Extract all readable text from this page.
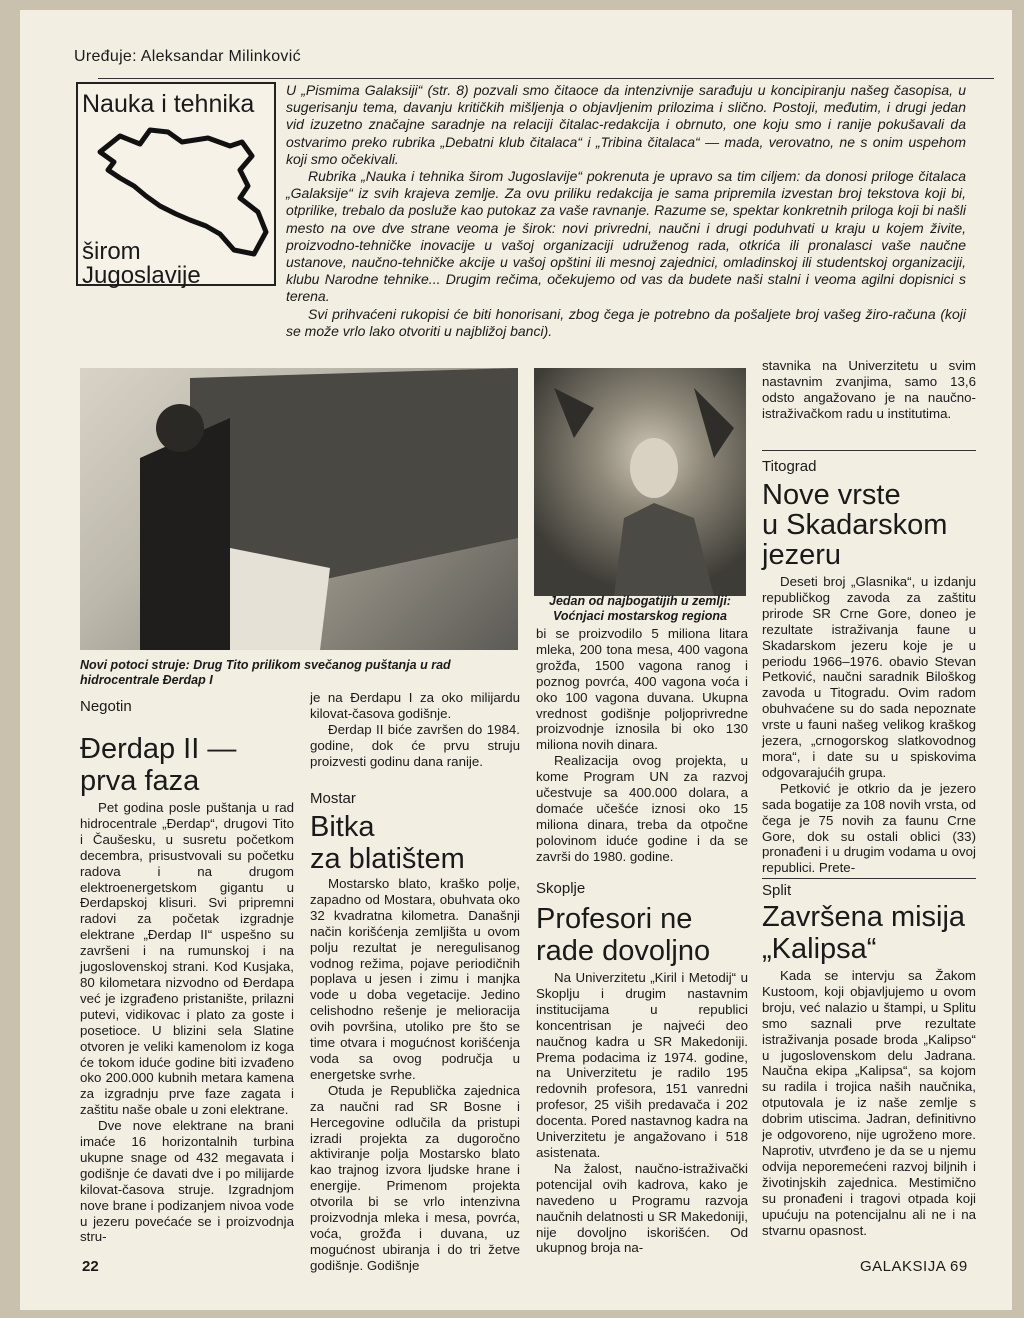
Uređuje: Aleksandar Milinković
Nauka i tehnika
širom
Jugoslavije

U „Pismima Galaksiji“ (str. 8) pozvali smo čitaoce da intenzivnije sarađuju u koncipiranju našeg časopisa, u sugerisanju tema, davanju kritičkih mišljenja o objavljenim prilozima i slično. Postoji, međutim, i drugi jedan vid izuzetno značajne saradnje na relaciji čitalac-redakcija i obrnuto, one koju smo i ranije pokušavali da ostvarimo preko rubrika „Debatni klub čitalaca“ i „Tribina čitalaca“ — mada, verovatno, ne s onim uspehom koji smo očekivali.

Rubrika „Nauka i tehnika širom Jugoslavije“ pokrenuta je upravo sa tim ciljem: da donosi priloge čitalaca „Galaksije“ iz svih krajeva zemlje. Za ovu priliku redakcija je sama pripremila izvestan broj tekstova koji bi, otprilike, trebalo da posluže kao putokaz za vaše ravnanje. Razume se, spektar konkretnih priloga koji bi našli mesto na ove dve strane veoma je širok: novi privredni, naučni i drugi poduhvati u kraju u kojem živite, proizvodno-tehničke inovacije u vašoj organizaciji udruženog rada, otkrića ili pronalasci vaše naučne ustanove, naučno-tehničke akcije u vašoj opštini ili mesnoj zajednici, omladinskoj ili studentskoj organizaciji, klubu Narodne tehnike... Drugim rečima, očekujemo od vas da budete naši stalni i veoma agilni dopisnici s terena.

Svi prihvaćeni rukopisi će biti honorisani, zbog čega je potrebno da pošaljete broj vašeg žiro-računa (koji se može vrlo lako otvoriti u najbližoj banci).

Novi potoci struje: Drug Tito prilikom svečanog puštanja u rad hidrocentrale Đerdap I
Jedan od najbogatijih u zemlji: Voćnjaci mostarskog regiona
Negotin
Đerdap II —
prva faza

Pet godina posle puštanja u rad hidrocentrale „Đerdap“, drugovi Tito i Čaušesku, u susretu početkom decembra, prisustvovali su početku radova i na drugom elektroenergetskom gigantu u Đerdapskoj klisuri. Svi pripremni radovi za početak izgradnje elektrane „Đerdap II“ uspešno su završeni i na rumunskoj i na jugoslovenskoj strani. Kod Kusjaka, 80 kilometara nizvodno od Đerdapa već je izgrađeno pristanište, prilazni putevi, vidikovac i plato za goste i posetioce. U blizini sela Slatine otvoren je veliki kamenolom iz koga će tokom iduće godine biti izvađeno oko 200.000 kubnih metara kamena za izgradnju prve faze zagata i zaštitu naše obale u zoni elektrane.

Dve nove elektrane na brani imaće 16 horizontalnih turbina ukupne snage od 432 megavata i godišnje će davati dve i po milijarde kilovat-časova struje. Izgradnjom nove brane i podizanjem nivoa vode u jezeru povećaće se i proizvodnja stru-

je na Đerdapu I za oko milijardu kilovat-časova godišnje.

Đerdap II biće završen do 1984. godine, dok će prvu struju proizvesti godinu dana ranije.

Mostar
Bitka
za blatištem

Mostarsko blato, kraško polje, zapadno od Mostara, obuhvata oko 32 kvadratna kilometra. Današnji način korišćenja zemljišta u ovom polju rezultat je neregulisanog vodnog režima, pojave periodičnih poplava u jesen i zimu i manjka vode u doba vegetacije. Jedino celishodno rešenje je melioracija ovih površina, utoliko pre što se time otvara i mogućnost korišćenja voda sa ovog područja u energetske svrhe.

Otuda je Republička zajednica za naučni rad SR Bosne i Hercegovine odlučila da pristupi izradi projekta za dugoročno aktiviranje polja Mostarsko blato kao trajnog izvora ljudske hrane i energije. Primenom projekta otvorila bi se vrlo intenzivna proizvodnja mleka i mesa, povrća, voća, grožđa i duvana, uz mogućnost ubiranja i do tri žetve godišnje. Godišnje

bi se proizvodilo 5 miliona litara mleka, 200 tona mesa, 400 vagona grožđa, 1500 vagona ranog i poznog povrća, 400 vagona voća i oko 100 vagona duvana. Ukupna vrednost godišnje poljoprivredne proizvodnje iznosila bi oko 130 miliona novih dinara.

Realizacija ovog projekta, u kome Program UN za razvoj učestvuje sa 400.000 dolara, a domaće učešće iznosi oko 15 miliona dinara, treba da otpočne polovinom iduće godine i da se završi do 1980. godine.

Skoplje
Profesori ne
rade dovoljno

Na Univerzitetu „Kiril i Metodij“ u Skoplju i drugim nastavnim institucijama u republici koncentrisan je najveći deo naučnog kadra u SR Makedoniji. Prema podacima iz 1974. godine, na Univerzitetu je radilo 195 redovnih profesora, 151 vanredni profesor, 25 viših predavača i 202 docenta. Pored nastavnog kadra na Univerzitetu je angažovano i 518 asistenata.

Na žalost, naučno-istraživački potencijal ovih kadrova, kako je navedeno u Programu razvoja naučnih delatnosti u SR Makedoniji, nije dovoljno iskorišćen. Od ukupnog broja na-

stavnika na Univerzitetu u svim nastavnim zvanjima, samo 13,6 odsto angažovano je na naučno-istraživačkom radu u institutima.

Titograd
Nove vrste
u Skadarskom
jezeru

Deseti broj „Glasnika“, u izdanju republičkog zavoda za zaštitu prirode SR Crne Gore, doneo je rezultate istraživanja faune u Skadarskom jezeru koje je u periodu 1966–1976. obavio Stevan Petković, naučni saradnik Biloškog zavoda u Titogradu. Ovim radom obuhvaćene su do sada nepoznate vrste u fauni našeg velikog kraškog jezera, „crnogorskog slatkovodnog mora“, i date su u spiskovima odgovarajućih grupa.

Petković je otkrio da je jezero sada bogatije za 108 novih vrsta, od čega je 75 novih za faunu Crne Gore, dok su ostali oblici (33) pronađeni i u drugim vodama u ovoj republici. Prete-

Split
Završena misija
„Kalipsa“

Kada se intervju sa Žakom Kustoom, koji objavljujemo u ovom broju, već nalazio u štampi, u Splitu smo saznali prve rezultate istraživanja posade broda „Kalipso“ u jugoslovenskom delu Jadrana. Naučna ekipa „Kalipsa“, sa kojom su radila i trojica naših naučnika, otputovala je iz naše zemlje s dobrim utiscima. Jadran, definitivno je odgovoreno, nije ugroženo more. Naprotiv, utvrđeno je da se u njemu odvija neporemećeni razvoj biljnih i životinjskih zajednica. Mestimično su pronađeni i tragovi otpada koji upućuju na potencijalnu ali ne i na stvarnu opasnost.

22	GALAKSIJA 69
